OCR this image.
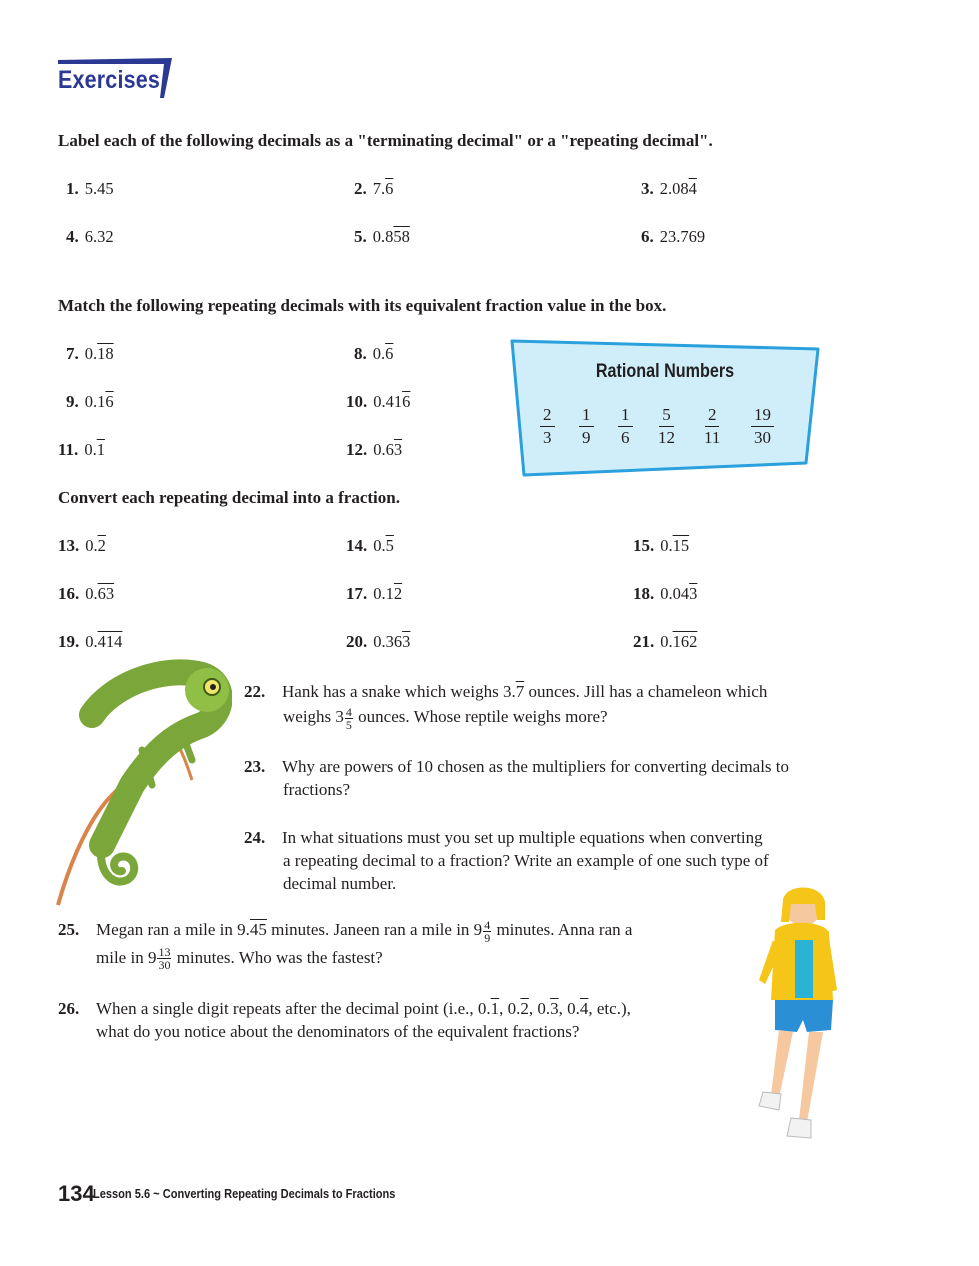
Exercises
Label each of the following decimals as a "terminating decimal" or a "repeating decimal".
1. 5.45	2. 7.6	3. 2.084
4. 6.32	5. 0.858	6. 23.769
Match the following repeating decimals with its equivalent fraction value in the box.
7. 0.18	8. 0.6
9. 0.16	10. 0.416
11. 0.1	12. 0.63
Rational Numbers
2
3
1
9
1
6
5
12
2
11
19
30
Convert each repeating decimal into a fraction.
13. 0.2	14. 0.5	15. 0.15
16. 0.63	17. 0.12	18. 0.043
19. 0.414	20. 0.363	21. 0.162
22. Hank has a snake which weighs 3.7 ounces. Jill has a chameleon which
weighs $3 \frac{4}{5}$ ounces. Whose reptile weighs more?
23. Why are powers of 10 chosen as the multipliers for converting decimals to
fractions?
24. In what situations must you set up multiple equations when converting
a repeating decimal to a fraction? Write an example of one such type of
decimal number.
25. Megan ran a mile in 9.45 minutes. Janeen ran a mile in $9 \frac{4}{9}$ minutes. Anna ran a
mile in $9 \frac{13}{30}$ minutes. Who was the fastest?
26. When a single digit repeats after the decimal point (i.e., 0.1, 0.2, 0.3, 0.4, etc.),
what do you notice about the denominators of the equivalent fractions?
134
Lesson 5.6 ~ Converting Repeating Decimals to Fractions
